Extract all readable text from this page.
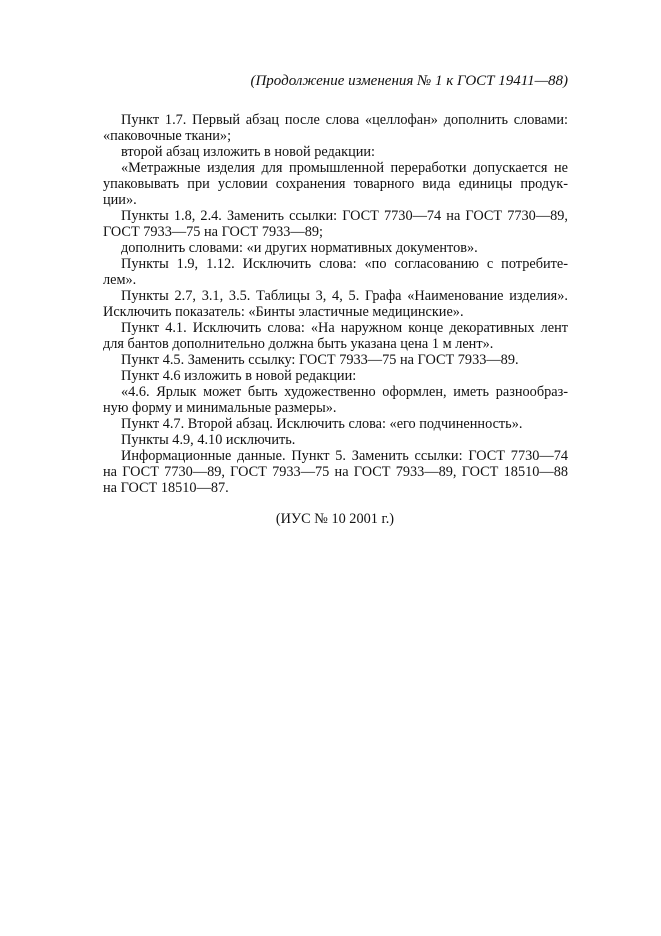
(Продолжение изменения № 1 к ГОСТ 19411—88)
Пункт 1.7. Первый абзац после слова «целлофан» дополнить словами:
«паковочные ткани»;
второй абзац изложить в новой редакции:
«Метражные изделия для промышленной переработки допускается не
упаковывать при условии сохранения товарного вида единицы продук-
ции».
Пункты 1.8, 2.4. Заменить ссылки: ГОСТ 7730—74 на ГОСТ 7730—89,
ГОСТ 7933—75 на ГОСТ 7933—89;
дополнить словами: «и других нормативных документов».
Пункты 1.9, 1.12. Исключить слова: «по согласованию с потребите-
лем».
Пункты 2.7, 3.1, 3.5. Таблицы 3, 4, 5. Графа «Наименование изделия».
Исключить показатель: «Бинты эластичные медицинские».
Пункт 4.1. Исключить слова: «На наружном конце декоративных лент
для бантов дополнительно должна быть указана цена 1 м лент».
Пункт 4.5. Заменить ссылку: ГОСТ 7933—75 на ГОСТ 7933—89.
Пункт 4.6 изложить в новой редакции:
«4.6. Ярлык может быть художественно оформлен, иметь разнообраз-
ную форму и минимальные размеры».
Пункт 4.7. Второй абзац. Исключить слова: «его подчиненность».
Пункты 4.9, 4.10 исключить.
Информационные данные. Пункт 5. Заменить ссылки: ГОСТ 7730—74
на ГОСТ 7730—89, ГОСТ 7933—75 на ГОСТ 7933—89, ГОСТ 18510—88
на ГОСТ 18510—87.
(ИУС № 10 2001 г.)
